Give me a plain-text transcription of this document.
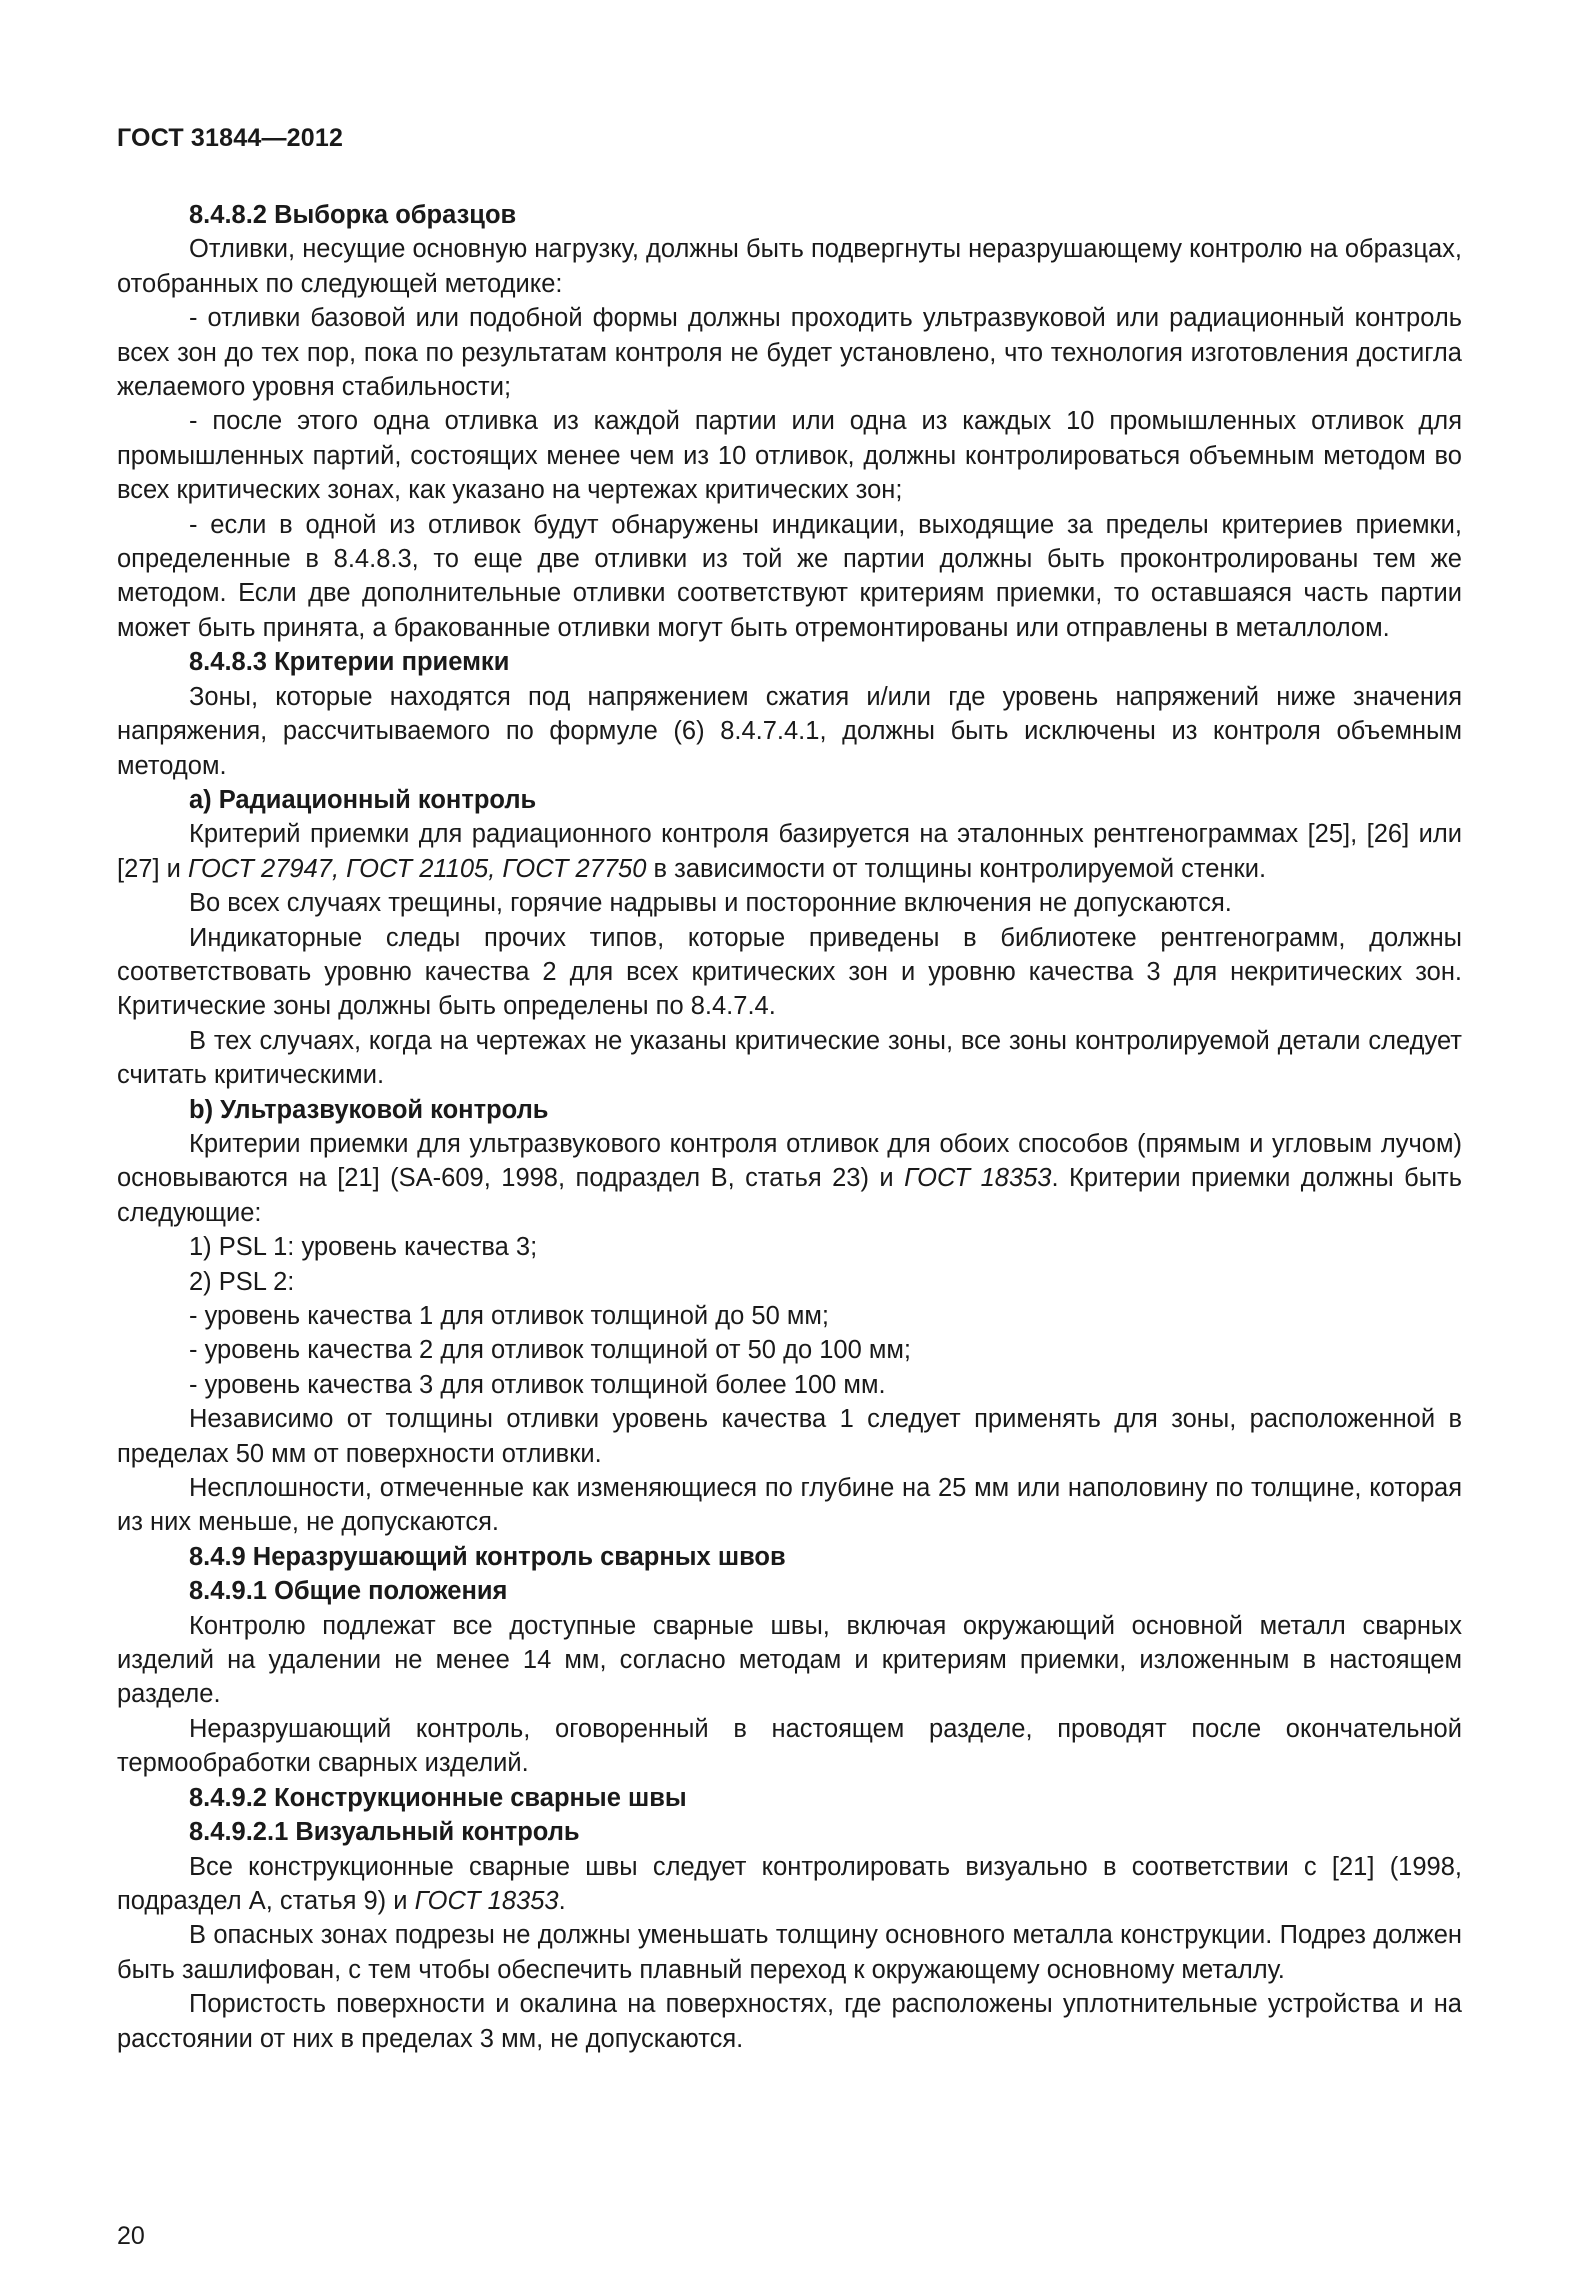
ГОСТ 31844—2012

8.4.8.2 Выборка образцов

Отливки, несущие основную нагрузку, должны быть подвергнуты неразрушающему контролю на образцах, отобранных по следующей методике:

- отливки базовой или подобной формы должны проходить ультразвуковой или радиационный контроль всех зон до тех пор, пока по результатам контроля не будет установлено, что технология изготовления достигла желаемого уровня стабильности;

- после этого одна отливка из каждой партии или одна из каждых 10 промышленных отливок для промышленных партий, состоящих менее чем из 10 отливок, должны контролироваться объемным методом во всех критических зонах, как указано на чертежах критических зон;

- если в одной из отливок будут обнаружены индикации, выходящие за пределы критериев приемки, определенные в 8.4.8.3, то еще две отливки из той же партии должны быть проконтролированы тем же методом. Если две дополнительные отливки соответствуют критериям приемки, то оставшаяся часть партии может быть принята, а бракованные отливки могут быть отремонтированы или отправлены в металлолом.

8.4.8.3 Критерии приемки

Зоны, которые находятся под напряжением сжатия и/или где уровень напряжений ниже значения напряжения, рассчитываемого по формуле (6) 8.4.7.4.1, должны быть исключены из контроля объемным методом.

a) Радиационный контроль

Критерий приемки для радиационного контроля базируется на эталонных рентгенограммах [25], [26] или [27] и ГОСТ 27947, ГОСТ 21105, ГОСТ 27750 в зависимости от толщины контролируемой стенки.

Во всех случаях трещины, горячие надрывы и посторонние включения не допускаются.

Индикаторные следы прочих типов, которые приведены в библиотеке рентгенограмм, должны соответствовать уровню качества 2 для всех критических зон и уровню качества 3 для некритических зон. Критические зоны должны быть определены по 8.4.7.4.

В тех случаях, когда на чертежах не указаны критические зоны, все зоны контролируемой детали следует считать критическими.

b) Ультразвуковой контроль

Критерии приемки для ультразвукового контроля отливок для обоих способов (прямым и угловым лучом) основываются на [21] (SA-609, 1998, подраздел В, статья 23) и ГОСТ 18353. Критерии приемки должны быть следующие:

1) PSL 1: уровень качества 3;

2) PSL 2:

- уровень качества 1 для отливок толщиной до 50 мм;

- уровень качества 2 для отливок толщиной от 50 до 100 мм;

- уровень качества 3 для отливок толщиной более 100 мм.

Независимо от толщины отливки уровень качества 1 следует применять для зоны, расположенной в пределах 50 мм от поверхности отливки.

Несплошности, отмеченные как изменяющиеся по глубине на 25 мм или наполовину по толщине, которая из них меньше, не допускаются.

8.4.9 Неразрушающий контроль сварных швов

8.4.9.1 Общие положения

Контролю подлежат все доступные сварные швы, включая окружающий основной металл сварных изделий на удалении не менее 14 мм, согласно методам и критериям приемки, изложенным в настоящем разделе.

Неразрушающий контроль, оговоренный в настоящем разделе, проводят после окончательной термообработки сварных изделий.

8.4.9.2 Конструкционные сварные швы

8.4.9.2.1 Визуальный контроль

Все конструкционные сварные швы следует контролировать визуально в соответствии с [21] (1998, подраздел А, статья 9) и ГОСТ 18353.

В опасных зонах подрезы не должны уменьшать толщину основного металла конструкции. Подрез должен быть зашлифован, с тем чтобы обеспечить плавный переход к окружающему основному металлу.

Пористость поверхности и окалина на поверхностях, где расположены уплотнительные устройства и на расстоянии от них в пределах 3 мм, не допускаются.

20
